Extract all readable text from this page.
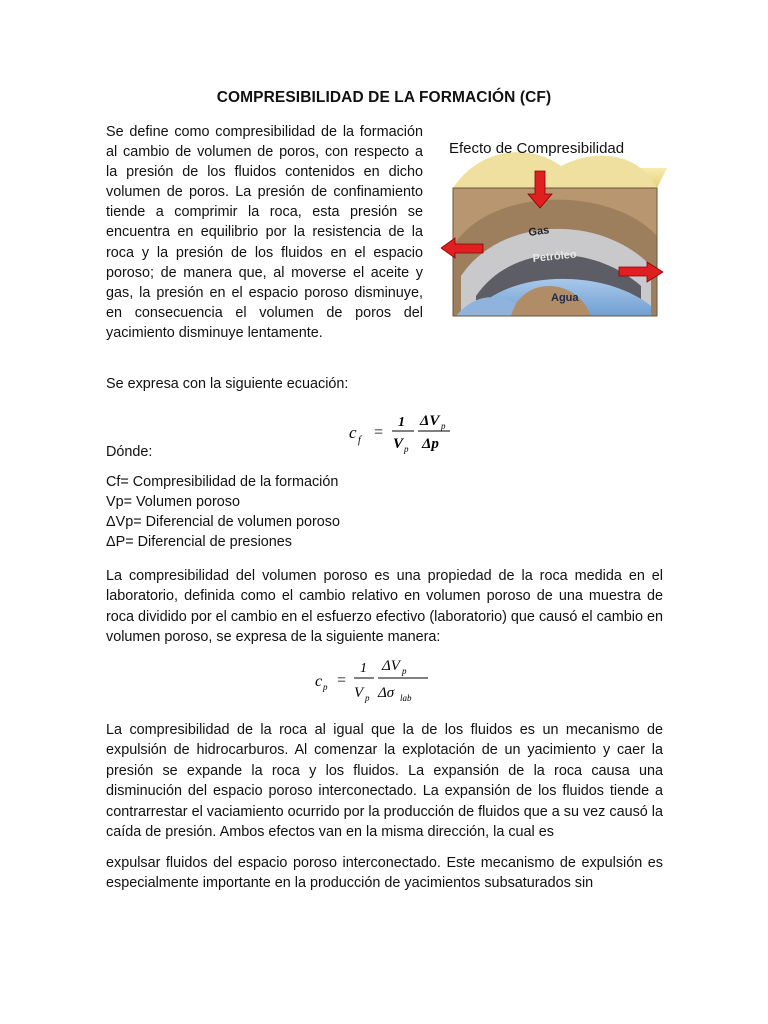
COMPRESIBILIDAD DE LA FORMACIÓN (CF)
Se define como compresibilidad de la formación al cambio de volumen de poros, con respecto a la presión de los fluidos contenidos en dicho volumen de poros. La presión de confinamiento tiende a comprimir la roca, esta presión se encuentra en equilibrio por la resistencia de la roca y la presión de los fluidos en el espacio poroso; de manera que, al moverse el aceite y gas, la presión en el espacio poroso disminuye, en consecuencia el volumen de poros del yacimiento disminuye lentamente.
Efecto de Compresibilidad
Gas
Petróleo
Agua
Se expresa con la siguiente ecuación:
c f =
1
V p
ΔV p
Δp
Dónde:
Cf= Compresibilidad de la formación
Vp= Volumen poroso
ΔVp= Diferencial de volumen poroso
ΔP= Diferencial de presiones

La compresibilidad del volumen poroso es una propiedad de la roca medida en el laboratorio, definida como el cambio relativo en volumen poroso de una muestra de roca dividido por el cambio en el esfuerzo efectivo (laboratorio) que causó el cambio en volumen poroso, se expresa de la siguiente manera:

c p =
1
V p
ΔV p
Δσ lab

La compresibilidad de la roca al igual que la de los fluidos es un mecanismo de expulsión de hidrocarburos. Al comenzar la explotación de un yacimiento y caer la presión se expande la roca y los fluidos. La expansión de la roca causa una disminución del espacio poroso interconectado. La expansión de los fluidos tiende a contrarrestar el vaciamiento ocurrido por la producción de fluidos que a su vez causó la caída de presión. Ambos efectos van en la misma dirección, la cual es

expulsar fluidos del espacio poroso interconectado. Este mecanismo de expulsión es especialmente importante en la producción de yacimientos subsaturados sin
